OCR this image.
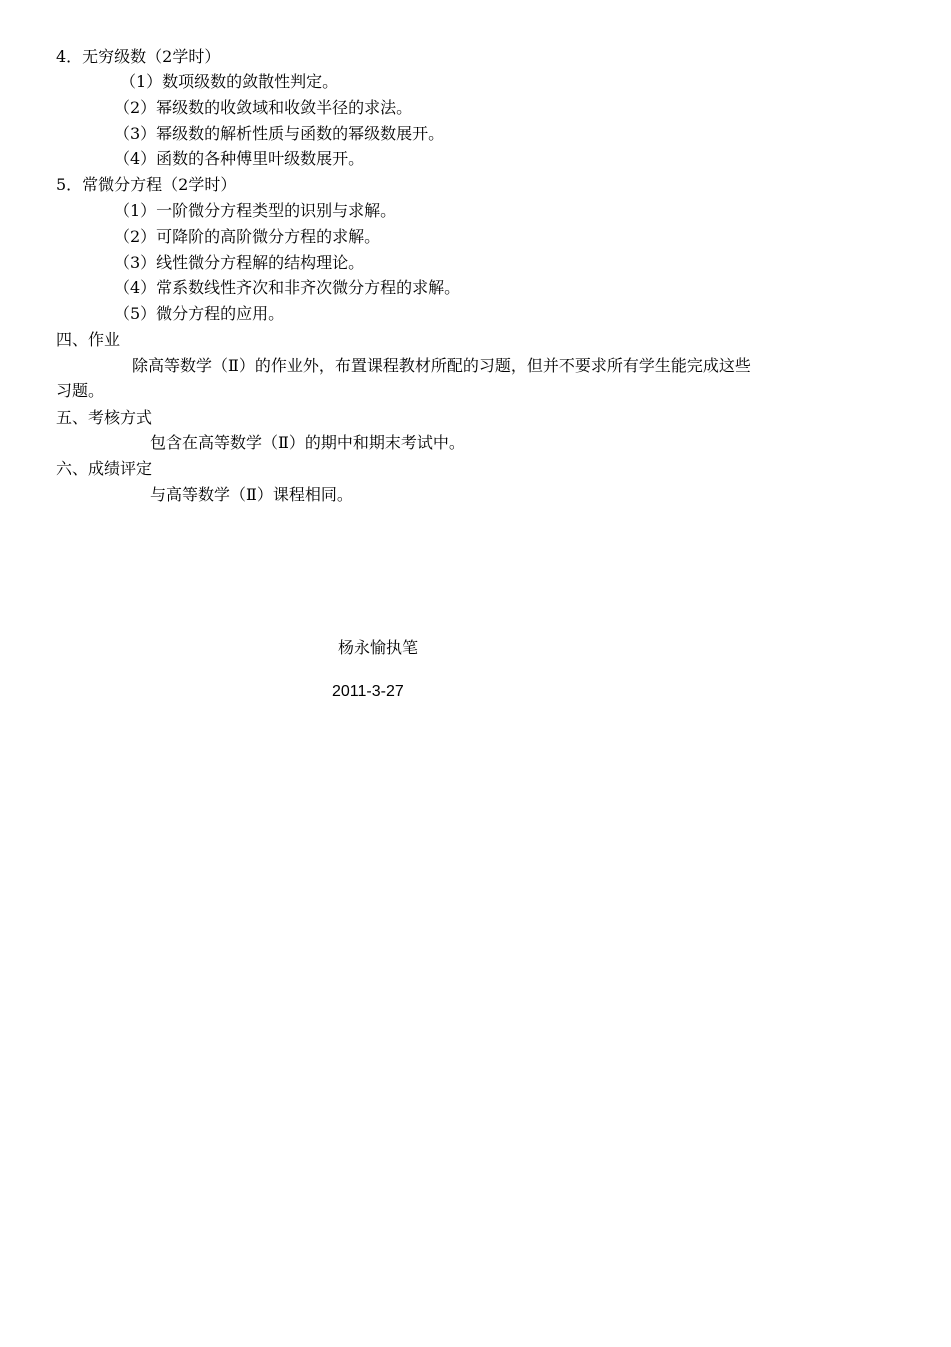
4．无穷级数（2学时）
（1）数项级数的敛散性判定。
（2）幂级数的收敛域和收敛半径的求法。
（3）幂级数的解析性质与函数的幂级数展开。
（4）函数的各种傅里叶级数展开。
5．常微分方程（2学时）
（1）一阶微分方程类型的识别与求解。
（2）可降阶的高阶微分方程的求解。
（3）线性微分方程解的结构理论。
（4）常系数线性齐次和非齐次微分方程的求解。
（5）微分方程的应用。
四、作业
除高等数学（Ⅱ）的作业外，布置课程教材所配的习题，但并不要求所有学生能完成这些
习题。
五、考核方式
包含在高等数学（Ⅱ）的期中和期末考试中。
六、成绩评定
与高等数学（Ⅱ）课程相同。
杨永愉执笔
2011-3-27
